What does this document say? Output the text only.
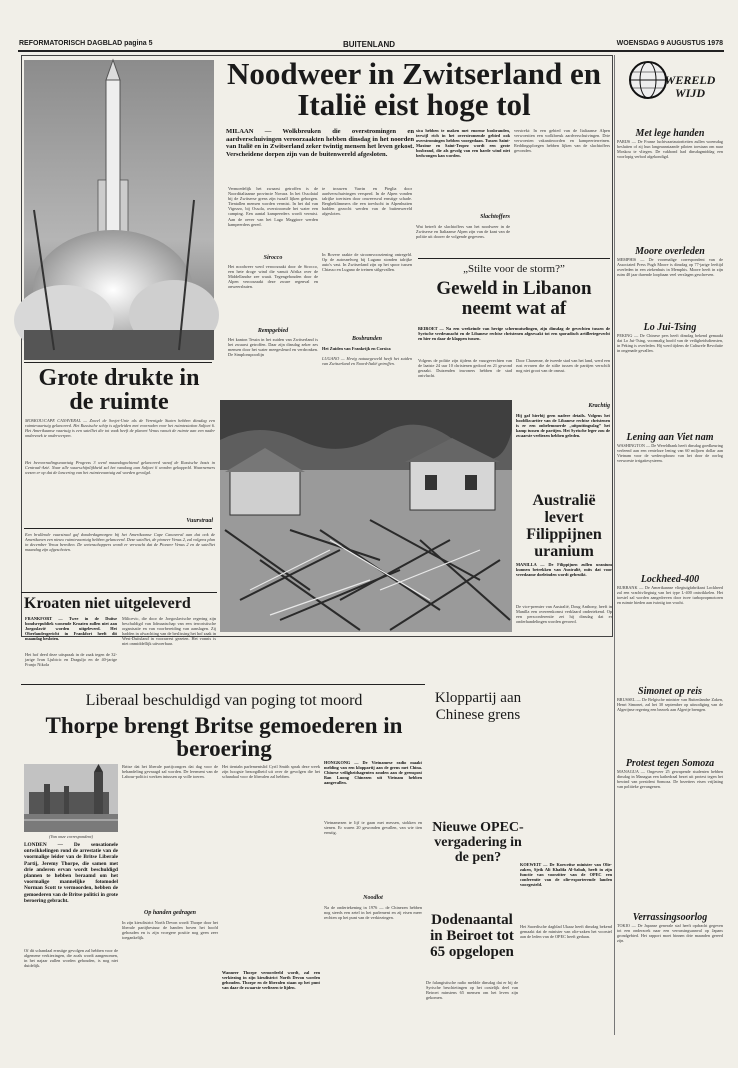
REFORMATORISCH DAGBLAD pagina 5	BUITENLAND	WOENSDAG 9 AUGUSTUS 1978
Grote drukte in de ruimte
MOSKOU/CAPE CANAVERAL — Zowel de Sovjet-Unie als de Verenigde Staten hebben dinsdag een ruimtevaartuig gelanceerd. Het Russische schip is afgeleiden met voorraden voor het ruimtestation Saljoet 6. Het Amerikaanse vaartuig is een satelliet die tot vaak heeft de planeet Venus vanuit de ruimte aan een nader onderzoek te onderwerpen.
Het bevoorradingsvaartuig Progress 3 werd maandagochtend gelanceerd vanaf de Russische basis in Centraal-Azië. Naar alle waarschijnlijkheid zal het vandaag aan Saljoet 6 worden gekoppeld. Waarnemers wezen er op dat de lancering van het ruimtevaartuig zal worden gevolgd.
Vuurstraal
Een brullende vuurstraal gaf donderdagmorgen bij het Amerikaanse Cape Canaveral aan dat ook de Amerikanen een nieuw ruimtevaartuig hebben gelanceerd. Deze satelliet, de pioneer Venus 2, zal volgens plan in december Venus bereiken. De wetenschappers wordt er verwacht dat de Pioneer Venus 2 en de satelliet maandag zijn afgeschoten.
Noodweer in Zwitserland en Italië eist hoge tol
MILAAN — Wolkbreuken die overstromingen en aardverschuivingen veroorzaakten hebben dinsdag in het noorden van Italië en in Zwitserland zeker twintig mensen het leven gekost. Verscheidene dorpen zijn van de buitenwereld afgesloten.
Vermoedelijk het zwaarst getroffen is de Noorditaliaanse provincie Novara. In het Ossolatal bij de Zwitserse grens zijn twaalf lijken geborgen. Tientallen mensen worden vermist. In het dal van Vigezzo, bij Ossola, overstroomde het water een camping. Een aantal kampeerders wordt vermist. Aan de oever van het Lago Maggiore werden kampeerders gered.
Sirocco
Het noodweer werd veroorzaakt door de Sirocco, een hete droge wind die vanuit Afrika over de Middellandse zee waait. Tegengehouden door de Alpen veroorzaakt deze zware regenval en onweersbuien.
Rempgebied
Het kanton Tessin in het zuiden van Zwitserland is het zwaarst getroffen. Daar zijn dinsdag zeker zes mensen door het water meegesleurd en verdronken. De Simplonspoorlijn
te trouwen Varrin en Pieglia door aardverschuivingen versperd. In de Alpen vonden talrijke toeristen door onweersval ernstige schade. Bergbeklimmers die een toevlucht in Alpenhutten hadden gezocht werden van de buitenwereld afgesloten.
In Bovere raakte de stroomvoorziening ontregeld. Op de autosnelweg bij Lugano stonden talrijke auto's vast. In Zwitserland zijn op het spoor tussen Chiasso en Lugano de treinen stilgevallen.
Bosbranden
Het Zuiden van Frankrijk en Corsica
LUGANO — Hevig natuurgeweld heeft het zuiden van Zwitserland en Noord-Italië getroffen.
sica hebben te maken met enorme bosbranden, terwijl rich in het overstromende gebied ook overstromingen hebben voorgedaan. Tussen Saint-Maxime en Saint-Tropez wordt een grote bosbrand, die als gevolg van een harde wind niet bedwongen kan worden.
Slachtoffers
Wat betreft de slachtoffers van het noodweer in de Zwitserse en Italiaanse Alpen zijn van de kant van de politie uit doorer de volgende gegevens.
verstrekt: In een gebied van de Italiaanse Alpen verwoestten een wolkbreuk aardverschuivingen. Drie verwoesten vakantieoorden en kampeerterreinen. Reddingsploegen hebben lijken van de slachtoffers gevonden.
„Stilte voor de storm?”
Geweld in Libanon neemt wat af
BEIROET — Na een weekeinde van hevige schermutselingen, zijn dinsdag de gevechten tussen de Syrische vredesmacht en de Libanese rechtse christenen afgezwakt tot een sporadisch artilleriegevecht en hier en daar de klappen tussen.
Volgens de politie zijn tijdens de vuurgevechten van de laatste 24 uur 10 christenen gedood en 21 gewond geraakt. Duizenden inwoners hebben de stad ontvlucht.
Door Chasenne, de tweede stad van het land, werd een rust ervaren die de stilte tussen de partijen verschilt nog niet groot van de onrust.
Krachtig
Hij gaf hierbij geen nadere details. Volgens het hoofdkwartier van de Libanese rechtse christenen is er een onbelemmerde „uitputtingsslag” het kamp tussen de partijen. Het Syrische leger zou de zwaarste verliezen hebben geleden.
Kroaten niet uitgeleverd
FRANKFORT — Twee in de Duitse bondsrepubliek wonende Kroaten zullen niet aan Joegoslavië worden uitgeleverd. Het Oberlandesgericht in Frankfort heeft dit maandag besloten.
Milicevic, die door de Joegoslavische regering zijn beschuldigd van lidmaatschap van een terroristische organisatie en van voorbereiding van aanslagen. Zij hadden in afwachting van de beslissing het hof zaak in West-Duitsland in voorarrest gezeten. Het vonnis is niet onmiddellijk uitvoerbaar.
Het hof deed deze uitspraak in de zaak tegen de 32-jarige Ivan Ljubicic en Draguljo en de 40-jarige Franjo Nikola
Australië levert Filippijnen uranium
MANILLA — De Filippijnen zullen uranium kunnen betrekken van Australië, mits dat voor vreedzame doeleinden wordt gebruikt.
De vice-premier van Australië, Doug Anthony, heeft in Manilla een overeenkomst verklaard ondertekend. Op een persconferentie zei hij dinsdag dat er onderhandelingen worden gevoerd.
Liberaal beschuldigd van poging tot moord
Thorpe brengt Britse gemoederen in beroering
(Van onze correspondent)
LONDEN — De sensationele ontwikkelingen rond de arrestatie van de voormalige leider van de Britse Liberale Partij, Jeremy Thorpe, die samen met drie anderen ervan wordt beschuldigd plannen te hebben beraamd om het voormalige mannelijke fotomodel Norman Scott te vermoorden, hebben de gemoederen van de Britse politici in grote beroering gebracht.
Of dit schandaal ernstige gevolgen zal hebben voor de algemene verkiezingen, die zoals wordt aangenomen, in het najaar zullen worden gehouden, is nog niet duidelijk.
Britse dat het liberale partijcongres dat dag voor de behandeling gevraagd zal worden. De leerment van de Labour-politici werken intussen op volle toeren.
Op handen gedragen
In zijn kiesdistrict North Devon wordt Thorpe door het liberale partijbestuur de handen boven het hoofd gehouden en is zijn vroegere positie nog geen zeer toegankelijk.
Het tientaln parlementslid Cyril Smith sprak deze week zijn hoogste bezorgdheid uit over de gevolgen die het schandaal voor de liberalen zal hebben.
Wanneer Thorpe veroordeeld wordt, zal een verkiezing in zijn kiesdistrict North Devon worden gehouden. Thorpe en de liberalen staan op het punt van daar de zwaarste verliezen te lijden.
Kloppartij aan Chinese grens
HONGKONG — De Vietnamese radio maakt melding van een kloppartij aan de grens met China. Chinese veiligheidsagenten zouden aan de grenspost Ban Luong Chinezen uit Vietnam hebben aangevallen.
Vietnamezen te lijf te gaan met messen, stokken en stenen. Er waren 20 gewonden gevallen, van wie tien ernstig.
Noodlot
Na de ondertekening in 1976 — de Chinezen hebben nog steeds een zetel in het parlement en zij eisen meer rechten op het punt van de verkiezingen.
Nieuwe OPEC-vergadering in de pen?	KOEWEIT — De Koeweitse minister van Olie-zaken, Sjeik Ali Khalifa Al-Sabah, heeft in zijn functie van voorzitter van de OPEC een conferentie van de olie-exporterende landen voorgesteld.
Het Saoedische dagblad Ukaaz heeft dinsdag bekend gemaakt dat de minister van olie-zaken het voorstel aan de leden van de OPEC heeft gedaan.
Dodenaantal in Beiroet tot 65 opgelopen
De falangistische radio meldde dinsdag dat er bij de Syrische beschietingen op het oostelijk deel van Beiroet minstens 65 mensen om het leven zijn gekomen.
WERELD WIJD
Met lege handen
PARIJS — De Franse luchtvaartautoriteiten zullen woensdag besluiten of zij hun langeaanstaande piloten toestaan om naar Moskou te vliegen. De vakbond had dinsdagmiddag een voorlopig verbod afgekondigd.
Moore overleden
MEMPHIS — De voormalige correspondent van de Associated Press Pugh Moore is dinsdag op 77-jarige leeftijd overleden in een ziekenhuis in Memphis. Moore heeft in zijn ruim 40 jaar durende loopbaan veel verslagen geschreven.
Lo Jui-Tsing
PEKING — De Chinese pers heeft dinsdag bekend gemaakt dat Lo Jui-Tsing, voormalig hoofd van de veiligheidsdiensten, in Peking is overleden. Hij werd tijdens de Culturele Revolutie in ongenade gevallen.
Lening aan Viet nam
WASHINGTON — De Wereldbank heeft dinsdag goedkeuring verleend aan een renteloze lening van 60 miljoen dollar aan Vietnam voor de wederopbouw van het door de oorlog verwoeste irrigatiesysteem.
Lockheed-400
BURBANK — De Amerikaanse vliegtuigfabrikant Lockheed zal een vrachtvliegtuig van het type L-400 ontwikkelen. Het toestel zal worden aangedreven door twee turbopropmotoren en ruimte bieden aan twintig ton vracht.
Simonet op reis
BRUSSEL — De Belgische minister van Buitenlandse Zaken, Henri Simonet, zal het 30 september op uitnodiging van de Algerijnse regering een bezoek aan Algerije brengen.
Protest tegen Somoza
MANAGUA — Ongeveer 25 gewapende studenten hebben dinsdag in Managua een kathedraal bezet uit protest tegen het bewind van president Somoza. De bezetters eisen vrijlating van politieke gevangenen.
Verrassingsoorlog
TOKIO — De Japanse generale staf heeft opdracht gegeven tot een onderzoek naar een verrassingsaanval op Japans grondgebied. Het rapport moet binnen drie maanden gereed zijn.
